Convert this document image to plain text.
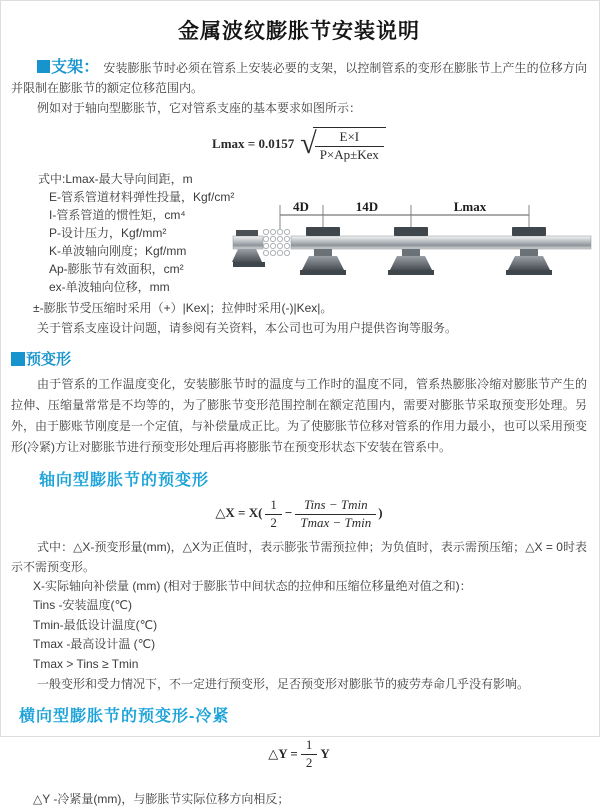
金属波纹膨胀节安装说明

支架： 安装膨胀节时必须在管系上安装必要的支架，以控制管系的变形在膨胀节上产生的位移方向并限制在膨胀节的额定位移范围内。

例如对于轴向型膨胀节，它对管系支座的基本要求如图所示：

Lmax = 0.0157 √
$\frac{E\times I}{\text{P×Ap±Kex}}$
式中:Lmax-最大导向间距，m
E-管系管道材料弹性投量，Kgf/cm²
I-管系管道的惯性矩，cm⁴
P-设计压力，Kgf/mm²
K-单波轴向刚度；Kgf/mm
Ap-膨胀节有效面积，cm²
ex-单波轴向位移，mm
4D	14D	Lmax

±-膨胀节受压缩时采用（+）|Kex|；拉伸时采用(-)|Kex|。

关于管系支座设计问题，请参阅有关资料，本公司也可为用户提供咨询等服务。

预变形

由于管系的工作温度变化，安装膨胀节时的温度与工作时的温度不同，管系热膨胀冷缩对膨胀节产生的拉伸、压缩量常常是不均等的，为了膨胀节变形范围控制在额定范围内，需要对膨胀节采取预变形处理。另外，由于膨账节刚度是一个定值，与补偿量成正比。为了使膨胀节位移对管系的作用力最小，也可以采用预变形(冷紧)方让对膨胀节进行预变形处理后再将膨胀节在预变形状态下安装在管系中。

轴向型膨胀节的预变形
△X = $X( \frac{1}{2} - \frac{\text{Tins − Tmin}}{Tmax - Tmin}$ )

式中：△X-预变形量(mm)，△X为正值时，表示膨张节需预拉伸；为负值时，表示需预压缩；△X = 0时表示不需预变形。

X-实际轴向补偿量 (mm) (相对于膨胀节中间状态的拉伸和压缩位移量绝对值之和)：
Tins -安装温度(℃)
Tmin-最低设计温度(℃)
Tmax -最高设计温 (℃)
Tmax > Tins ≥ Tmin

一般变形和受力情况下，不一定进行预变形，足否预变形对膨胀节的疲劳寿命几乎没有影响。

横向型膨胀节的预变形-冷紧
△Y = $\frac{1}{2}$ Y

△Y -冷紧量(mm)，与膨胀节实际位移方向相反；
